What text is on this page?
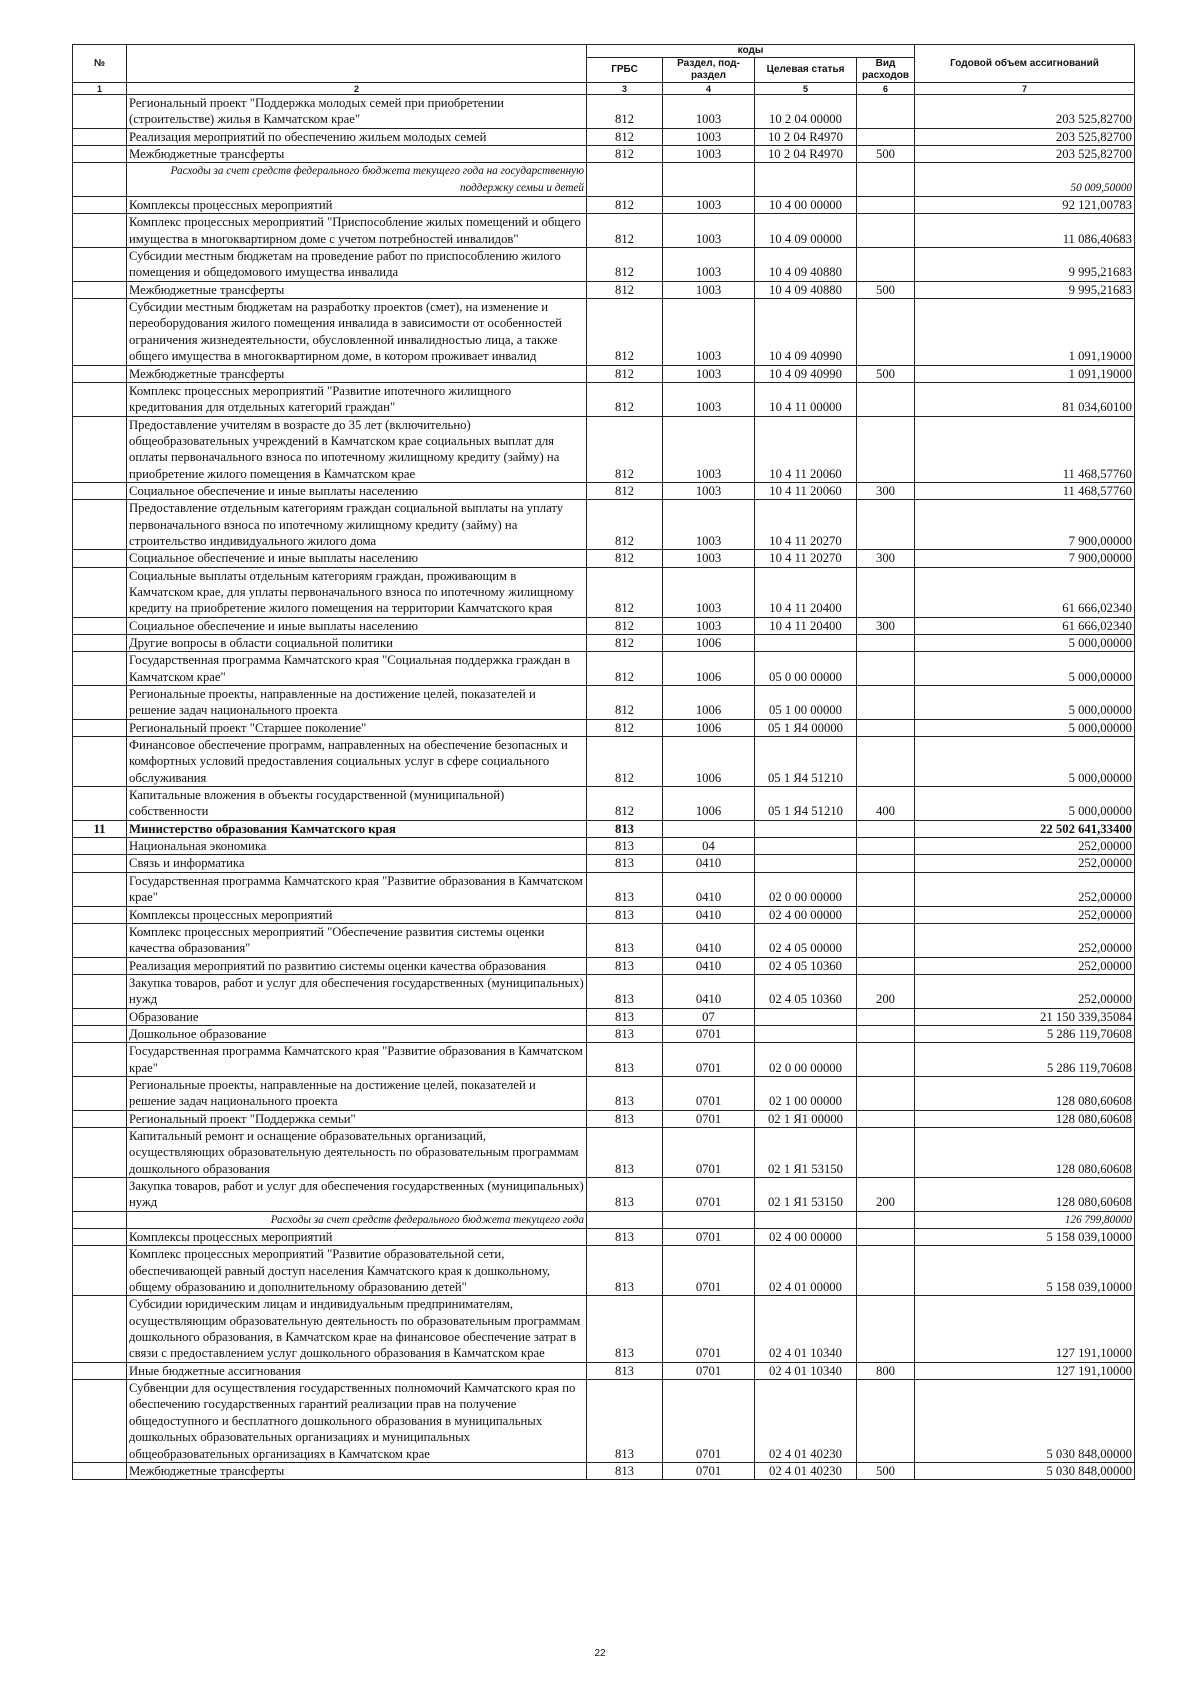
№		коды				Годовой объем ассигнований
		ГРБС	Раздел, под-раздел	Целевая статья	Вид расходов	
1	2	3	4	5	6	7
	Региональный проект "Поддержка молодых семей при приобретении (строительстве) жилья в Камчатском крае"	812	1003	10 2 04 00000		203 525,82700
	Реализация мероприятий по обеспечению жильем молодых семей	812	1003	10 2 04 R4970		203 525,82700
	Межбюджетные трансферты	812	1003	10 2 04 R4970	500	203 525,82700
	Расходы за счет средств федерального бюджета текущего года на государственную поддержку семьи и детей					50 009,50000
	Комплексы процессных мероприятий	812	1003	10 4 00 00000		92 121,00783
	Комплекс процессных мероприятий "Приспособление жилых помещений и общего имущества в многоквартирном доме с учетом потребностей инвалидов"	812	1003	10 4 09 00000		11 086,40683
	Субсидии местным бюджетам на проведение работ по приспособлению жилого помещения и общедомового имущества инвалида	812	1003	10 4 09 40880		9 995,21683
	Межбюджетные трансферты	812	1003	10 4 09 40880	500	9 995,21683
	Субсидии местным бюджетам на разработку проектов (смет), на изменение и переоборудования жилого помещения инвалида в зависимости от особенностей ограничения жизнедеятельности, обусловленной инвалидностью лица, а также общего имущества в многоквартирном доме, в котором проживает инвалид	812	1003	10 4 09 40990		1 091,19000
	Межбюджетные трансферты	812	1003	10 4 09 40990	500	1 091,19000
	Комплекс процессных мероприятий "Развитие ипотечного жилищного кредитования для отдельных категорий граждан"	812	1003	10 4 11 00000		81 034,60100
	Предоставление учителям в возрасте до 35 лет (включительно) общеобразовательных учреждений в Камчатском крае социальных выплат для оплаты первоначального взноса по ипотечному жилищному кредиту (займу) на приобретение жилого помещения в Камчатском крае	812	1003	10 4 11 20060		11 468,57760
	Социальное обеспечение и иные выплаты населению	812	1003	10 4 11 20060	300	11 468,57760
	Предоставление отдельным категориям граждан социальной выплаты на уплату первоначального взноса по ипотечному жилищному кредиту (займу) на строительство индивидуального жилого дома	812	1003	10 4 11 20270		7 900,00000
	Социальное обеспечение и иные выплаты населению	812	1003	10 4 11 20270	300	7 900,00000
	Социальные выплаты отдельным категориям граждан, проживающим в Камчатском крае, для уплаты первоначального взноса по ипотечному жилищному кредиту на приобретение жилого помещения на территории Камчатского края	812	1003	10 4 11 20400		61 666,02340
	Социальное обеспечение и иные выплаты населению	812	1003	10 4 11 20400	300	61 666,02340
	Другие вопросы в области социальной политики	812	1006			5 000,00000
	Государственная программа Камчатского края "Социальная поддержка граждан в Камчатском крае"	812	1006	05 0 00 00000		5 000,00000
	Региональные проекты, направленные на достижение целей, показателей и решение задач национального проекта	812	1006	05 1 00 00000		5 000,00000
	Региональный проект "Старшее поколение"	812	1006	05 1 Я4 00000		5 000,00000
	Финансовое обеспечение программ, направленных на обеспечение безопасных и комфортных условий предоставления социальных услуг в сфере социального обслуживания	812	1006	05 1 Я4 51210		5 000,00000
	Капитальные вложения в объекты государственной (муниципальной) собственности	812	1006	05 1 Я4 51210	400	5 000,00000
11	Министерство образования Камчатского края	813				22 502 641,33400
	Национальная экономика	813	04			252,00000
	Связь и информатика	813	0410			252,00000
	Государственная программа Камчатского края "Развитие образования в Камчатском крае"	813	0410	02 0 00 00000		252,00000
	Комплексы процессных мероприятий	813	0410	02 4 00 00000		252,00000
	Комплекс процессных мероприятий "Обеспечение развития системы оценки качества образования"	813	0410	02 4 05 00000		252,00000
	Реализация мероприятий по развитию системы оценки качества образования	813	0410	02 4 05 10360		252,00000
	Закупка товаров, работ и услуг для обеспечения государственных (муниципальных) нужд	813	0410	02 4 05 10360	200	252,00000
	Образование	813	07			21 150 339,35084
	Дошкольное образование	813	0701			5 286 119,70608
	Государственная программа Камчатского края "Развитие образования в Камчатском крае"	813	0701	02 0 00 00000		5 286 119,70608
	Региональные проекты, направленные на достижение целей, показателей и решение задач национального проекта	813	0701	02 1 00 00000		128 080,60608
	Региональный проект "Поддержка семьи"	813	0701	02 1 Я1 00000		128 080,60608
	Капитальный ремонт и оснащение образовательных организаций, осуществляющих образовательную деятельность по образовательным программам дошкольного образования	813	0701	02 1 Я1 53150		128 080,60608
	Закупка товаров, работ и услуг для обеспечения государственных (муниципальных) нужд	813	0701	02 1 Я1 53150	200	128 080,60608
	Расходы за счет средств федерального бюджета текущего года					126 799,80000
	Комплексы процессных мероприятий	813	0701	02 4 00 00000		5 158 039,10000
	Комплекс процессных мероприятий "Развитие образовательной сети, обеспечивающей равный доступ населения Камчатского края к дошкольному, общему образованию и дополнительному образованию детей"	813	0701	02 4 01 00000		5 158 039,10000
	Субсидии юридическим лицам и индивидуальным предпринимателям, осуществляющим образовательную деятельность по образовательным программам дошкольного образования, в Камчатском крае на финансовое обеспечение затрат в связи с предоставлением услуг дошкольного образования в Камчатском крае	813	0701	02 4 01 10340		127 191,10000
	Иные бюджетные ассигнования	813	0701	02 4 01 10340	800	127 191,10000
	Субвенции для осуществления государственных полномочий Камчатского края по обеспечению государственных гарантий реализации прав на получение общедоступного и бесплатного дошкольного образования в муниципальных дошкольных образовательных организациях и муниципальных общеобразовательных организациях в Камчатском крае	813	0701	02 4 01 40230		5 030 848,00000
	Межбюджетные трансферты	813	0701	02 4 01 40230	500	5 030 848,00000
22
